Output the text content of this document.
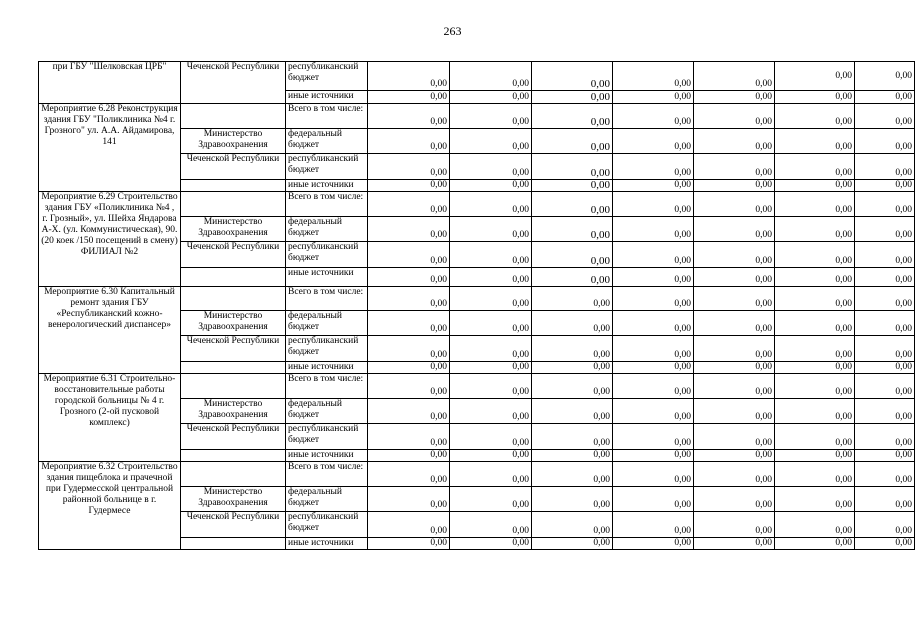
263
при ГБУ "Шелковская ЦРБ"	Чеченской Республики	республиканский бюджет	0,00	0,00	0,00	0,00	0,00	0,00	0,00
		иные источники	0,00	0,00	0,00	0,00	0,00	0,00	0,00
Мероприятие 6.28 Реконструкция здания ГБУ "Поликлиника №4 г. Грозного" ул. А.А. Айдамирова, 141		Всего в том числе:	0,00	0,00	0,00	0,00	0,00	0,00	0,00
	Министерство Здравоохранения	федеральный бюджет	0,00	0,00	0,00	0,00	0,00	0,00	0,00
	Чеченской Республики	республиканский бюджет	0,00	0,00	0,00	0,00	0,00	0,00	0,00
		иные источники	0,00	0,00	0,00	0,00	0,00	0,00	0,00
Мероприятие 6.29 Строительство здания ГБУ «Поликлиника №4 , г. Грозный», ул. Шейха Яндарова А-Х. (ул. Коммунистическая), 90. (20 коек /150 посещений в смену) ФИЛИАЛ №2		Всего в том числе:	0,00	0,00	0,00	0,00	0,00	0,00	0,00
	Министерство Здравоохранения	федеральный бюджет	0,00	0,00	0,00	0,00	0,00	0,00	0,00
	Чеченской Республики	республиканский бюджет	0,00	0,00	0,00	0,00	0,00	0,00	0,00
		иные источники	0,00	0,00	0,00	0,00	0,00	0,00	0,00
Мероприятие 6.30 Капитальный ремонт здания ГБУ «Республиканский кожно-венерологический диспансер»		Всего в том числе:	0,00	0,00	0,00	0,00	0,00	0,00	0,00
	Министерство Здравоохранения	федеральный бюджет	0,00	0,00	0,00	0,00	0,00	0,00	0,00
	Чеченской Республики	республиканский бюджет	0,00	0,00	0,00	0,00	0,00	0,00	0,00
		иные источники	0,00	0,00	0,00	0,00	0,00	0,00	0,00
Мероприятие 6.31 Строительно-восстановительные работы городской больницы № 4 г. Грозного (2-ой пусковой комплекс)		Всего в том числе:	0,00	0,00	0,00	0,00	0,00	0,00	0,00
	Министерство Здравоохранения	федеральный бюджет	0,00	0,00	0,00	0,00	0,00	0,00	0,00
	Чеченской Республики	республиканский бюджет	0,00	0,00	0,00	0,00	0,00	0,00	0,00
		иные источники	0,00	0,00	0,00	0,00	0,00	0,00	0,00
Мероприятие 6.32 Строительство здания пищеблока и прачечной при Гудермесской центральной районной больнице в г. Гудермесе		Всего в том числе:	0,00	0,00	0,00	0,00	0,00	0,00	0,00
	Министерство Здравоохранения	федеральный бюджет	0,00	0,00	0,00	0,00	0,00	0,00	0,00
	Чеченской Республики	республиканский бюджет	0,00	0,00	0,00	0,00	0,00	0,00	0,00
		иные источники	0,00	0,00	0,00	0,00	0,00	0,00	0,00
